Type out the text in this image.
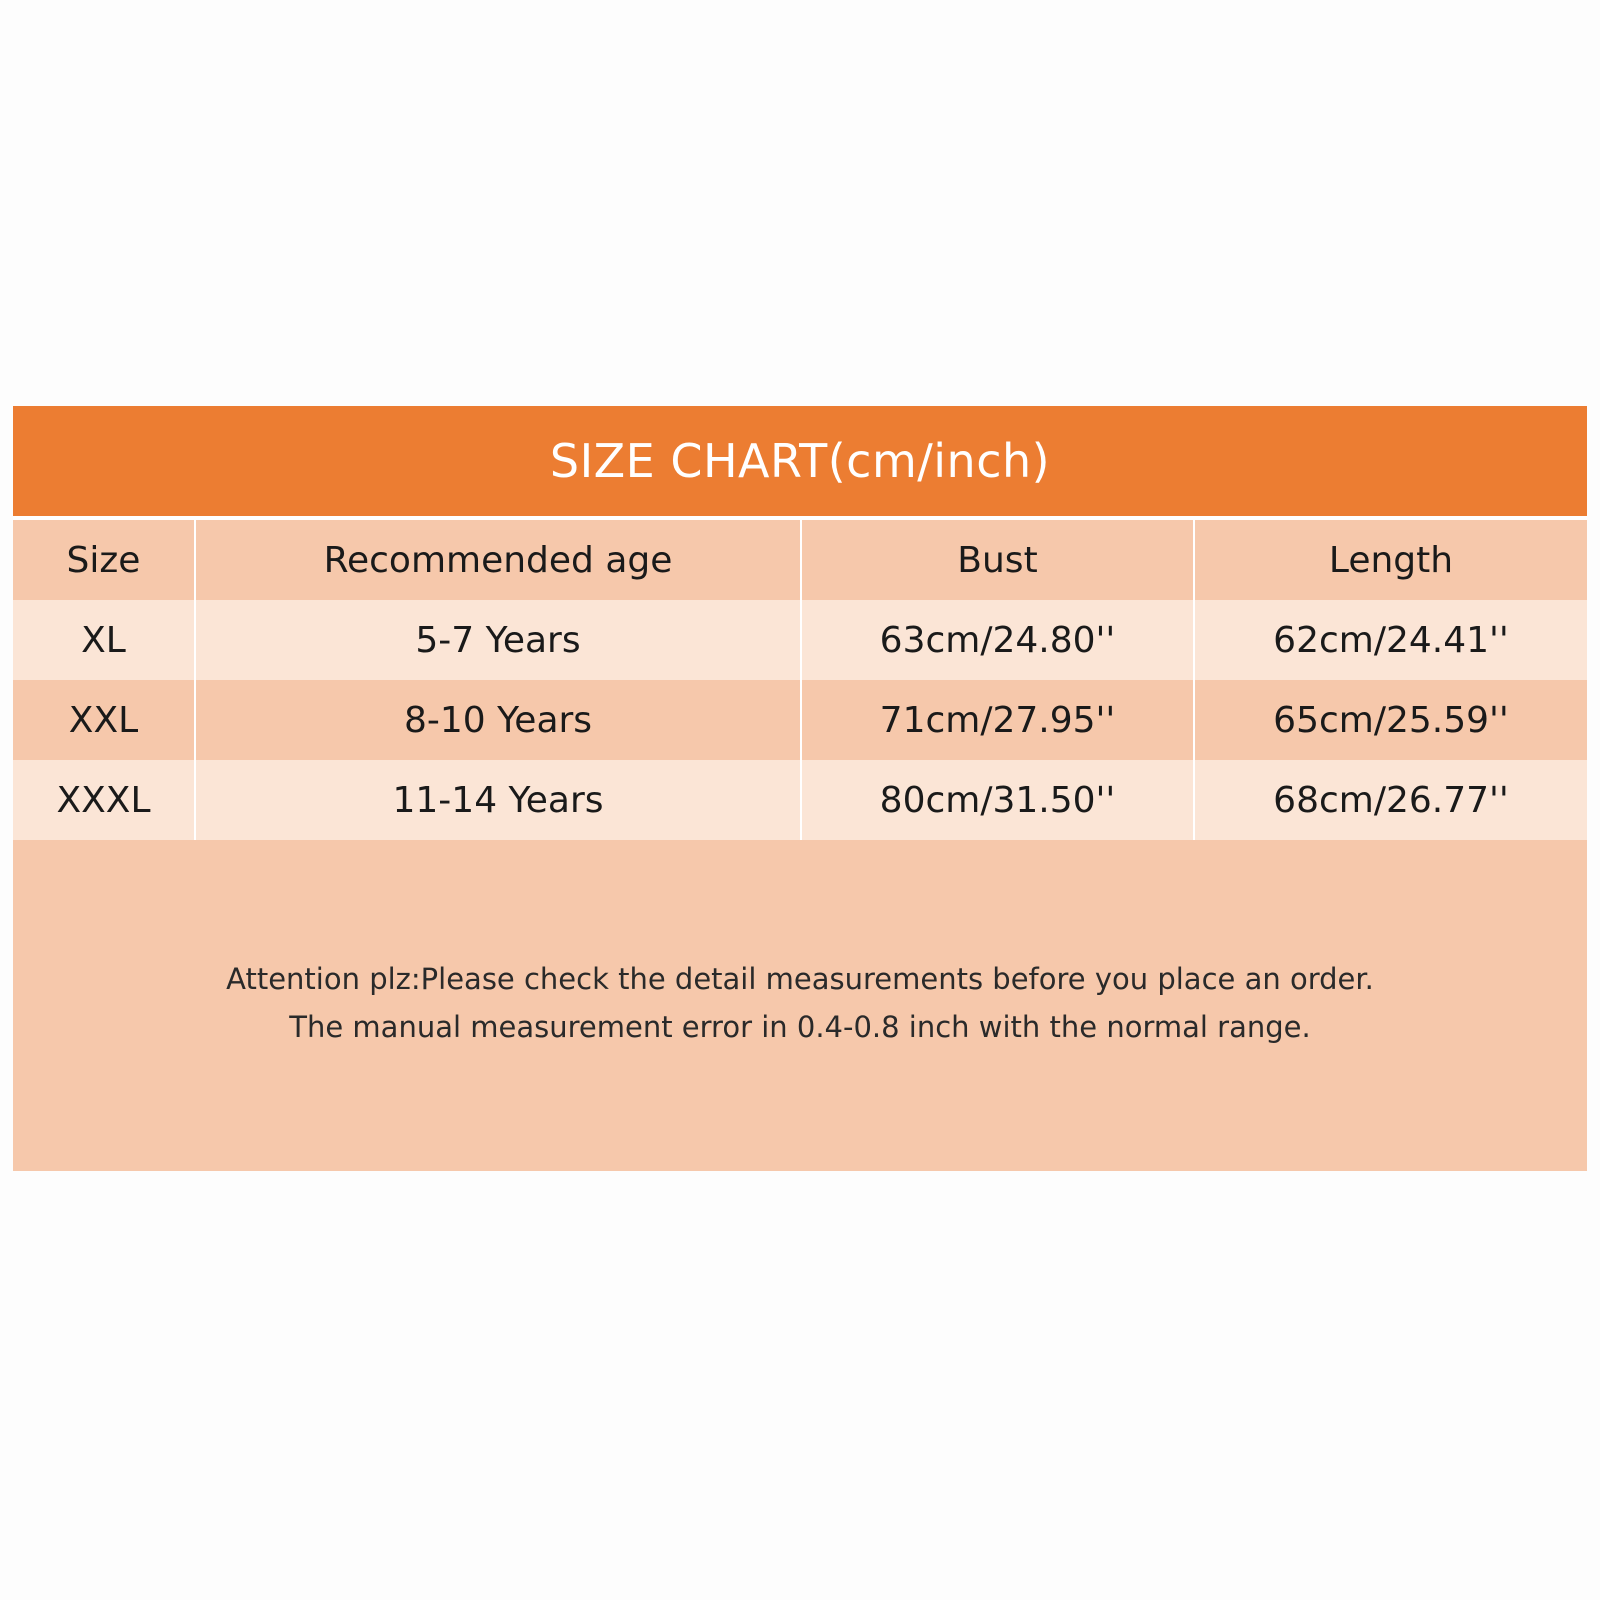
SIZE CHART(cm/inch)
Size	Recommended age	Bust	Length
XL	5-7 Years	63cm/24.80''	62cm/24.41''
XXL	8-10 Years	71cm/27.95''	65cm/25.59''
XXXL	11-14 Years	80cm/31.50''	68cm/26.77''
Attention plz:Please check the detail measurements before you place an order.
The manual measurement error in 0.4-0.8 inch with the normal range.
